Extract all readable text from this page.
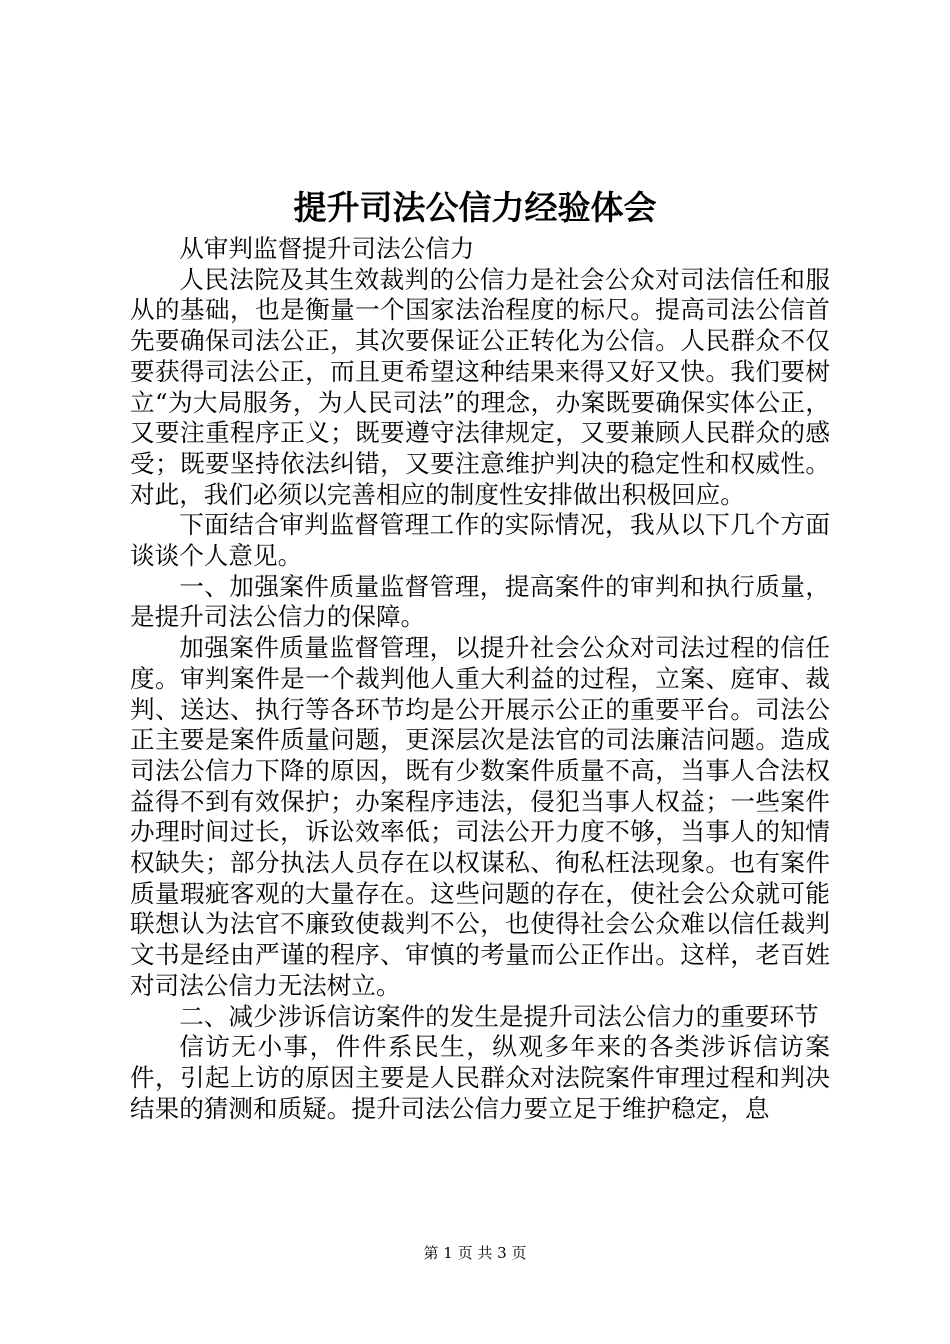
提升司法公信力经验体会

从审判监督提升司法公信力

人民法院及其生效裁判的公信力是社会公众对司法信任和服从的基础，也是衡量一个国家法治程度的标尺。提高司法公信首先要确保司法公正，其次要保证公正转化为公信。人民群众不仅要获得司法公正，而且更希望这种结果来得又好又快。我们要树立“为大局服务，为人民司法”的理念，办案既要确保实体公正，又要注重程序正义；既要遵守法律规定，又要兼顾人民群众的感受；既要坚持依法纠错，又要注意维护判决的稳定性和权威性。对此，我们必须以完善相应的制度性安排做出积极回应。

下面结合审判监督管理工作的实际情况，我从以下几个方面谈谈个人意见。

一、加强案件质量监督管理，提高案件的审判和执行质量，是提升司法公信力的保障。

加强案件质量监督管理，以提升社会公众对司法过程的信任度。审判案件是一个裁判他人重大利益的过程，立案、庭审、裁判、送达、执行等各环节均是公开展示公正的重要平台。司法公正主要是案件质量问题，更深层次是法官的司法廉洁问题。造成司法公信力下降的原因，既有少数案件质量不高，当事人合法权益得不到有效保护；办案程序违法，侵犯当事人权益；一些案件办理时间过长，诉讼效率低；司法公开力度不够，当事人的知情权缺失；部分执法人员存在以权谋私、徇私枉法现象。也有案件质量瑕疵客观的大量存在。这些问题的存在，使社会公众就可能联想认为法官不廉致使裁判不公，也使得社会公众难以信任裁判文书是经由严谨的程序、审慎的考量而公正作出。这样，老百姓对司法公信力无法树立。

二、减少涉诉信访案件的发生是提升司法公信力的重要环节

信访无小事，件件系民生，纵观多年来的各类涉诉信访案件，引起上访的原因主要是人民群众对法院案件审理过程和判决结果的猜测和质疑。提升司法公信力要立足于维护稳定，息

第 1 页 共 3 页
